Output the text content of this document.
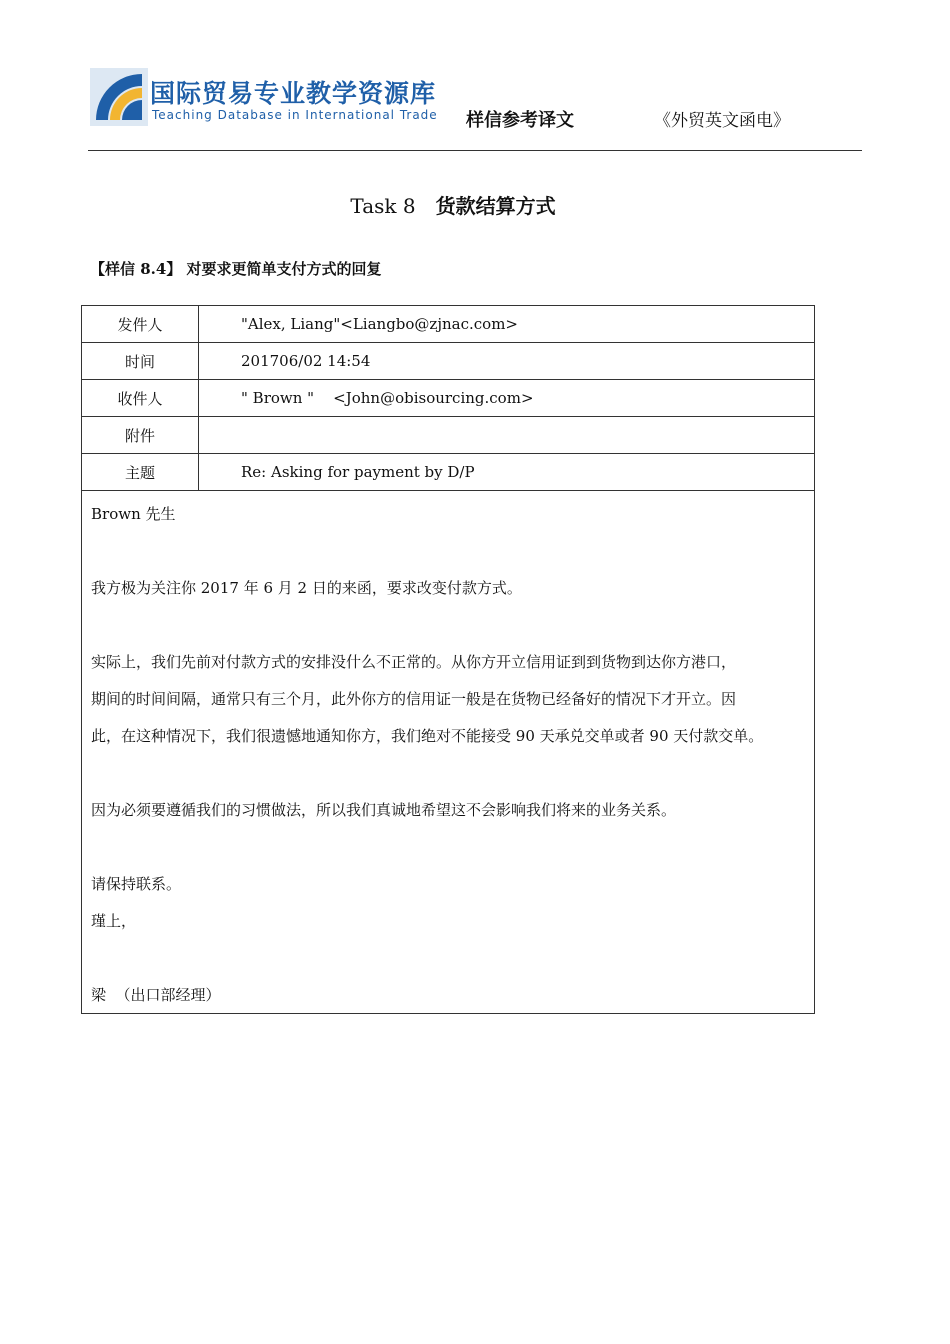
国际贸易专业教学资源库
Teaching Database in International Trade 样信参考译文	《外贸英文函电》
Task 8 货款结算方式
【样信 8.4】 对要求更简单支付方式的回复
发件人	"Alex, Liang"<Liangbo@zjnac.com>
时间	201706/02 14:54
收件人	" Brown "    <John@obisourcing.com>
附件	
主题	Re: Asking for payment by D/P

Brown 先生

我方极为关注你 2017 年 6 月 2 日的来函，要求改变付款方式。

实际上，我们先前对付款方式的安排没什么不正常的。从你方开立信用证到到货物到达你方港口，

期间的时间间隔，通常只有三个月，此外你方的信用证一般是在货物已经备好的情况下才开立。因

此，在这种情况下，我们很遗憾地通知你方，我们绝对不能接受 90 天承兑交单或者 90 天付款交单。

因为必须要遵循我们的习惯做法，所以我们真诚地希望这不会影响我们将来的业务关系。

请保持联系。

瑾上，

梁  （出口部经理）
